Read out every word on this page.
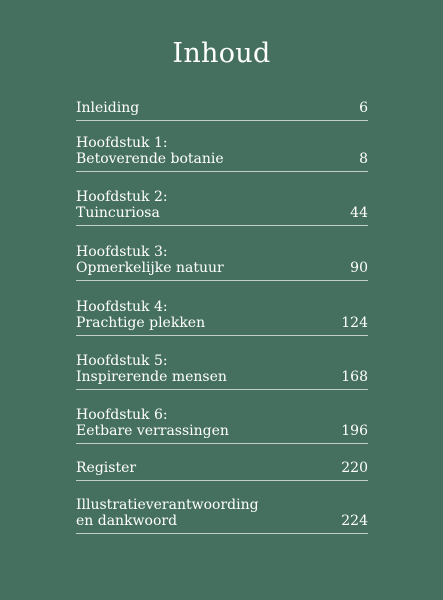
Inhoud
Inleiding	6
Hoofdstuk 1:
Betoverende botanie	8
Hoofdstuk 2:
Tuincuriosa	44
Hoofdstuk 3:
Opmerkelijke natuur	90
Hoofdstuk 4:
Prachtige plekken	124
Hoofdstuk 5:
Inspirerende mensen	168
Hoofdstuk 6:
Eetbare verrassingen	196
Register	220
Illustratieverantwoording
en dankwoord	224
